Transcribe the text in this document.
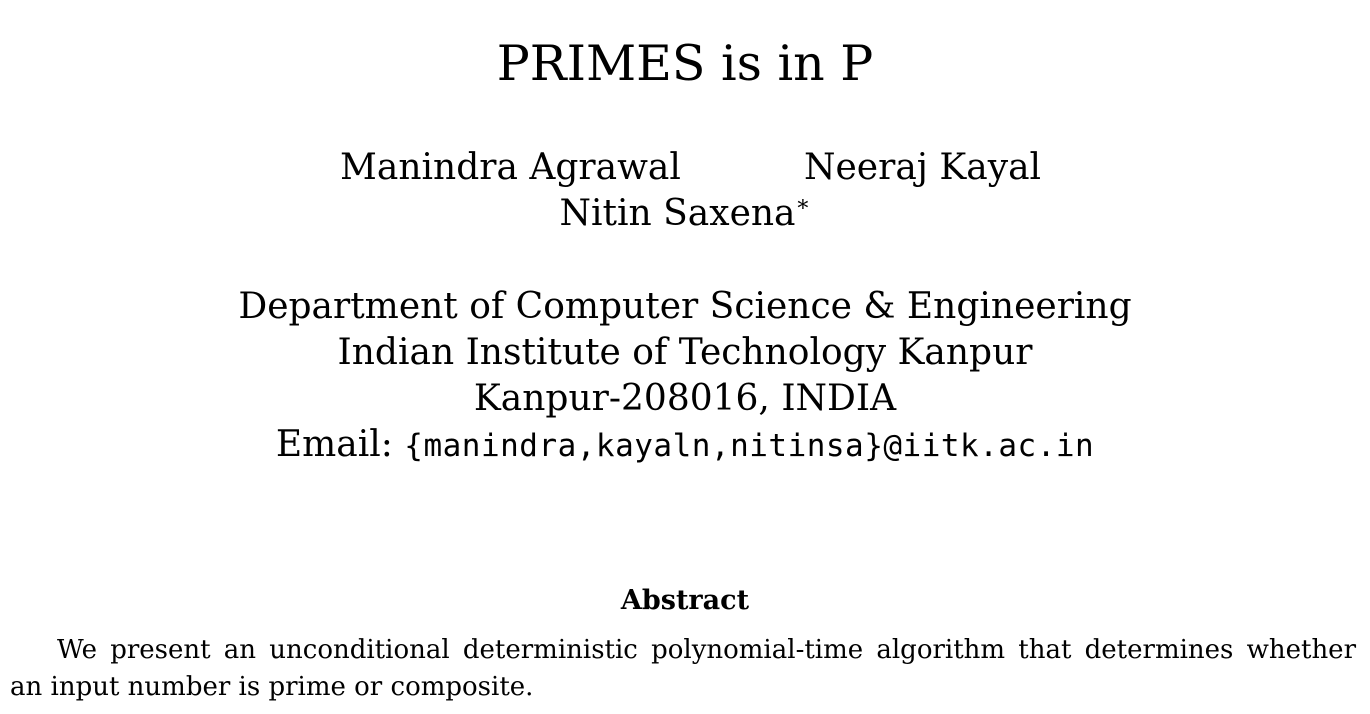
PRIMES is in P
Manindra Agrawal	Neeraj Kayal
Nitin Saxena∗
Department of Computer Science & Engineering
Indian Institute of Technology Kanpur
Kanpur-208016, INDIA
Email: {manindra,kayaln,nitinsa}@iitk.ac.in
Abstract

We present an unconditional deterministic polynomial-time algorithm that determines whether
an input number is prime or composite.
